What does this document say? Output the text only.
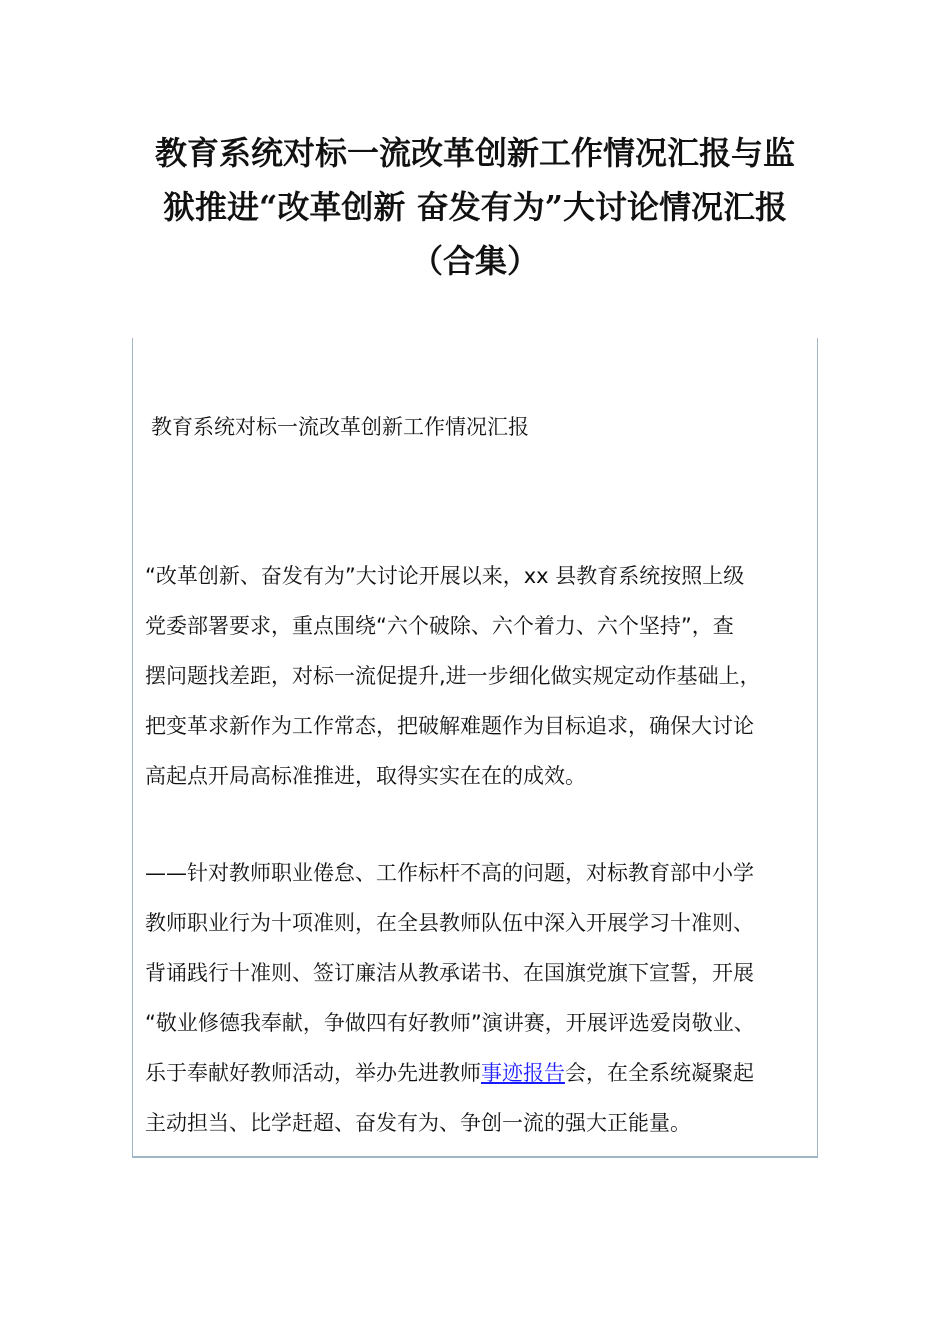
教育系统对标一流改革创新工作情况汇报与监
狱推进“改革创新 奋发有为”大讨论情况汇报
（合集）
教育系统对标一流改革创新工作情况汇报
“改革创新、奋发有为”大讨论开展以来，xx 县教育系统按照上级
党委部署要求，重点围绕“六个破除、六个着力、六个坚持”，查
摆问题找差距，对标一流促提升,进一步细化做实规定动作基础上，
把变革求新作为工作常态，把破解难题作为目标追求，确保大讨论
高起点开局高标准推进，取得实实在在的成效。
——针对教师职业倦怠、工作标杆不高的问题，对标教育部中小学
教师职业行为十项准则，在全县教师队伍中深入开展学习十准则、
背诵践行十准则、签订廉洁从教承诺书、在国旗党旗下宣誓，开展
“敬业修德我奉献，争做四有好教师”演讲赛，开展评选爱岗敬业、
乐于奉献好教师活动，举办先进教师事迹报告会，在全系统凝聚起
主动担当、比学赶超、奋发有为、争创一流的强大正能量。
